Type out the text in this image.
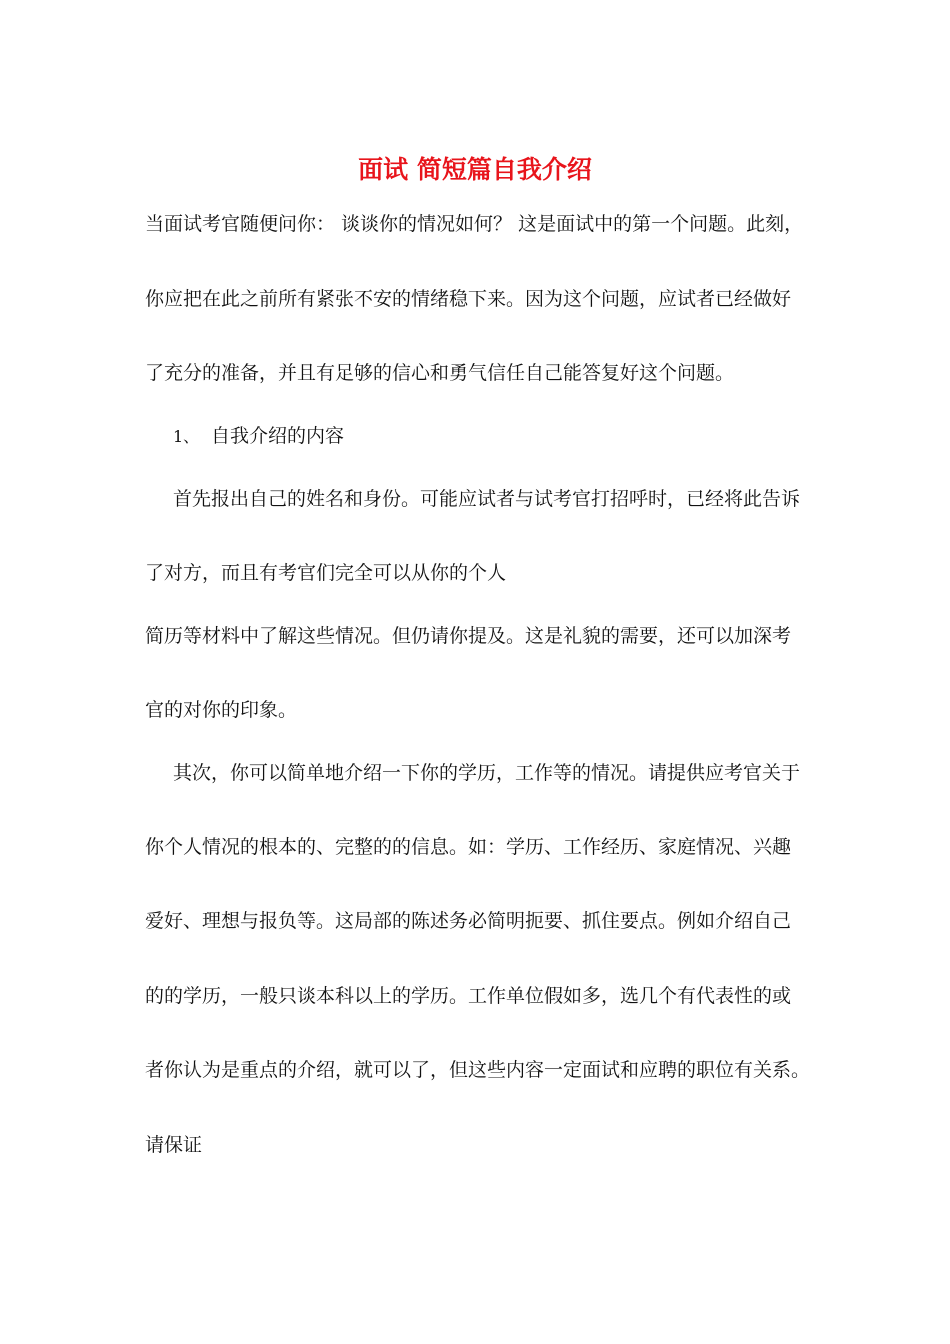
面试 简短篇自我介绍
当面试考官随便问你： 谈谈你的情况如何？ 这是面试中的第一个问题。此刻，
你应把在此之前所有紧张不安的情绪稳下来。因为这个问题，应试者已经做好
了充分的准备，并且有足够的信心和勇气信任自己能答复好这个问题。
1、 自我介绍的内容
首先报出自己的姓名和身份。可能应试者与试考官打招呼时，已经将此告诉
了对方，而且有考官们完全可以从你的个人
简历等材料中了解这些情况。但仍请你提及。这是礼貌的需要，还可以加深考
官的对你的印象。
其次，你可以简单地介绍一下你的学历，工作等的情况。请提供应考官关于
你个人情况的根本的、完整的的信息。如：学历、工作经历、家庭情况、兴趣
爱好、理想与报负等。这局部的陈述务必简明扼要、抓住要点。例如介绍自己
的的学历，一般只谈本科以上的学历。工作单位假如多，选几个有代表性的或
者你认为是重点的介绍，就可以了，但这些内容一定面试和应聘的职位有关系。
请保证
